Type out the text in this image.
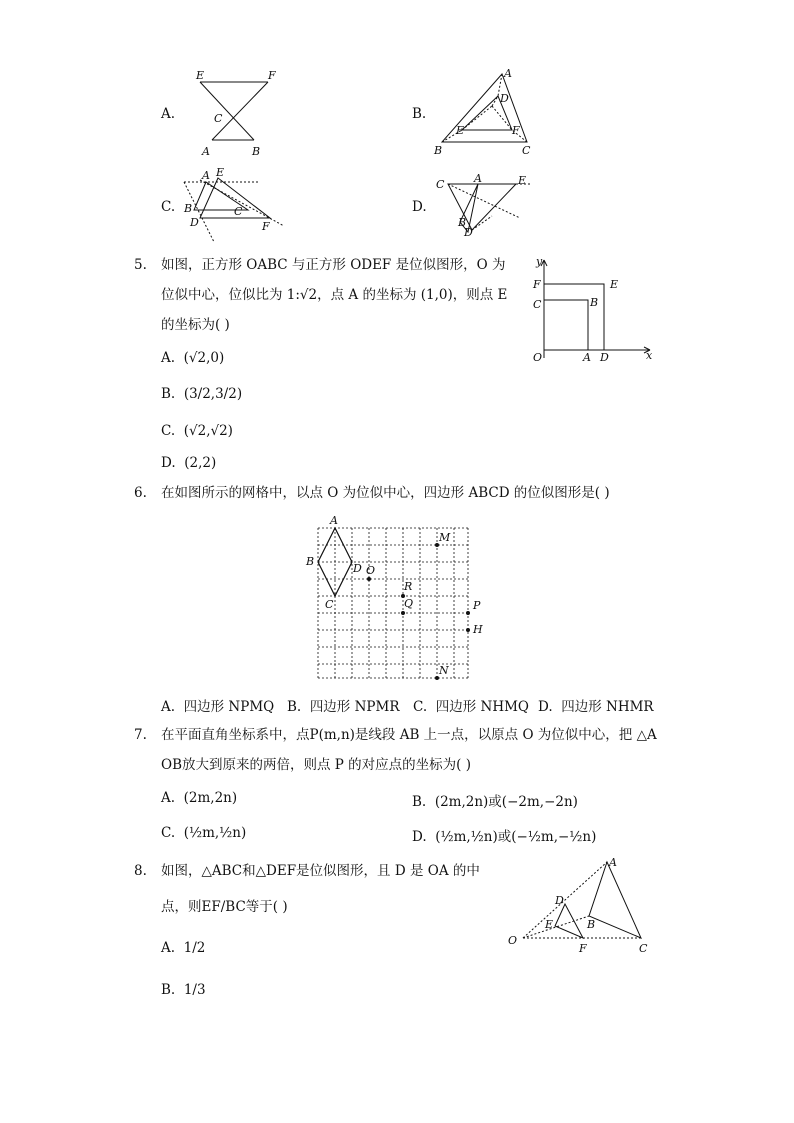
A.
E	F
C
A	B
B.
A
D
E	F
B	C
C.
A E
B	C
D	F
D.
C	A	E
B
D
5. 如图，正方形 OABC 与正方形 ODEF 是位似图形，O 为
位似中心，位似比为 1:√2，点 A 的坐标为 (1,0)，则点 E
的坐标为( )
A. (√2,0)
B. (3/2,3/2)
C. (√2,√2)
D. (2,2)
y
x
O
F
C	B
E
A D
6. 在如图所示的网格中，以点 O 为位似中心，四边形 ABCD 的位似图形是( )
A
B
D O
C
M
R
Q	P
H
N
A. 四边形 NPMQ B. 四边形 NPMR C. 四边形 NHMQ D. 四边形 NHMR
7. 在平面直角坐标系中，点P(m,n)是线段 AB 上一点，以原点 O 为位似中心，把 △A
OB放大到原来的两倍，则点 P 的对应点的坐标为( )
A. (2m,2n)	B. (2m,2n)或(−2m,−2n)
C. (½m,½n)	D. (½m,½n)或(−½m,−½n)
8. 如图，△ABC和△DEF是位似图形，且 D 是 OA 的中
点，则EF/BC等于( )
A. 1/2
B. 1/3
O
A
D
E	B
F	C
